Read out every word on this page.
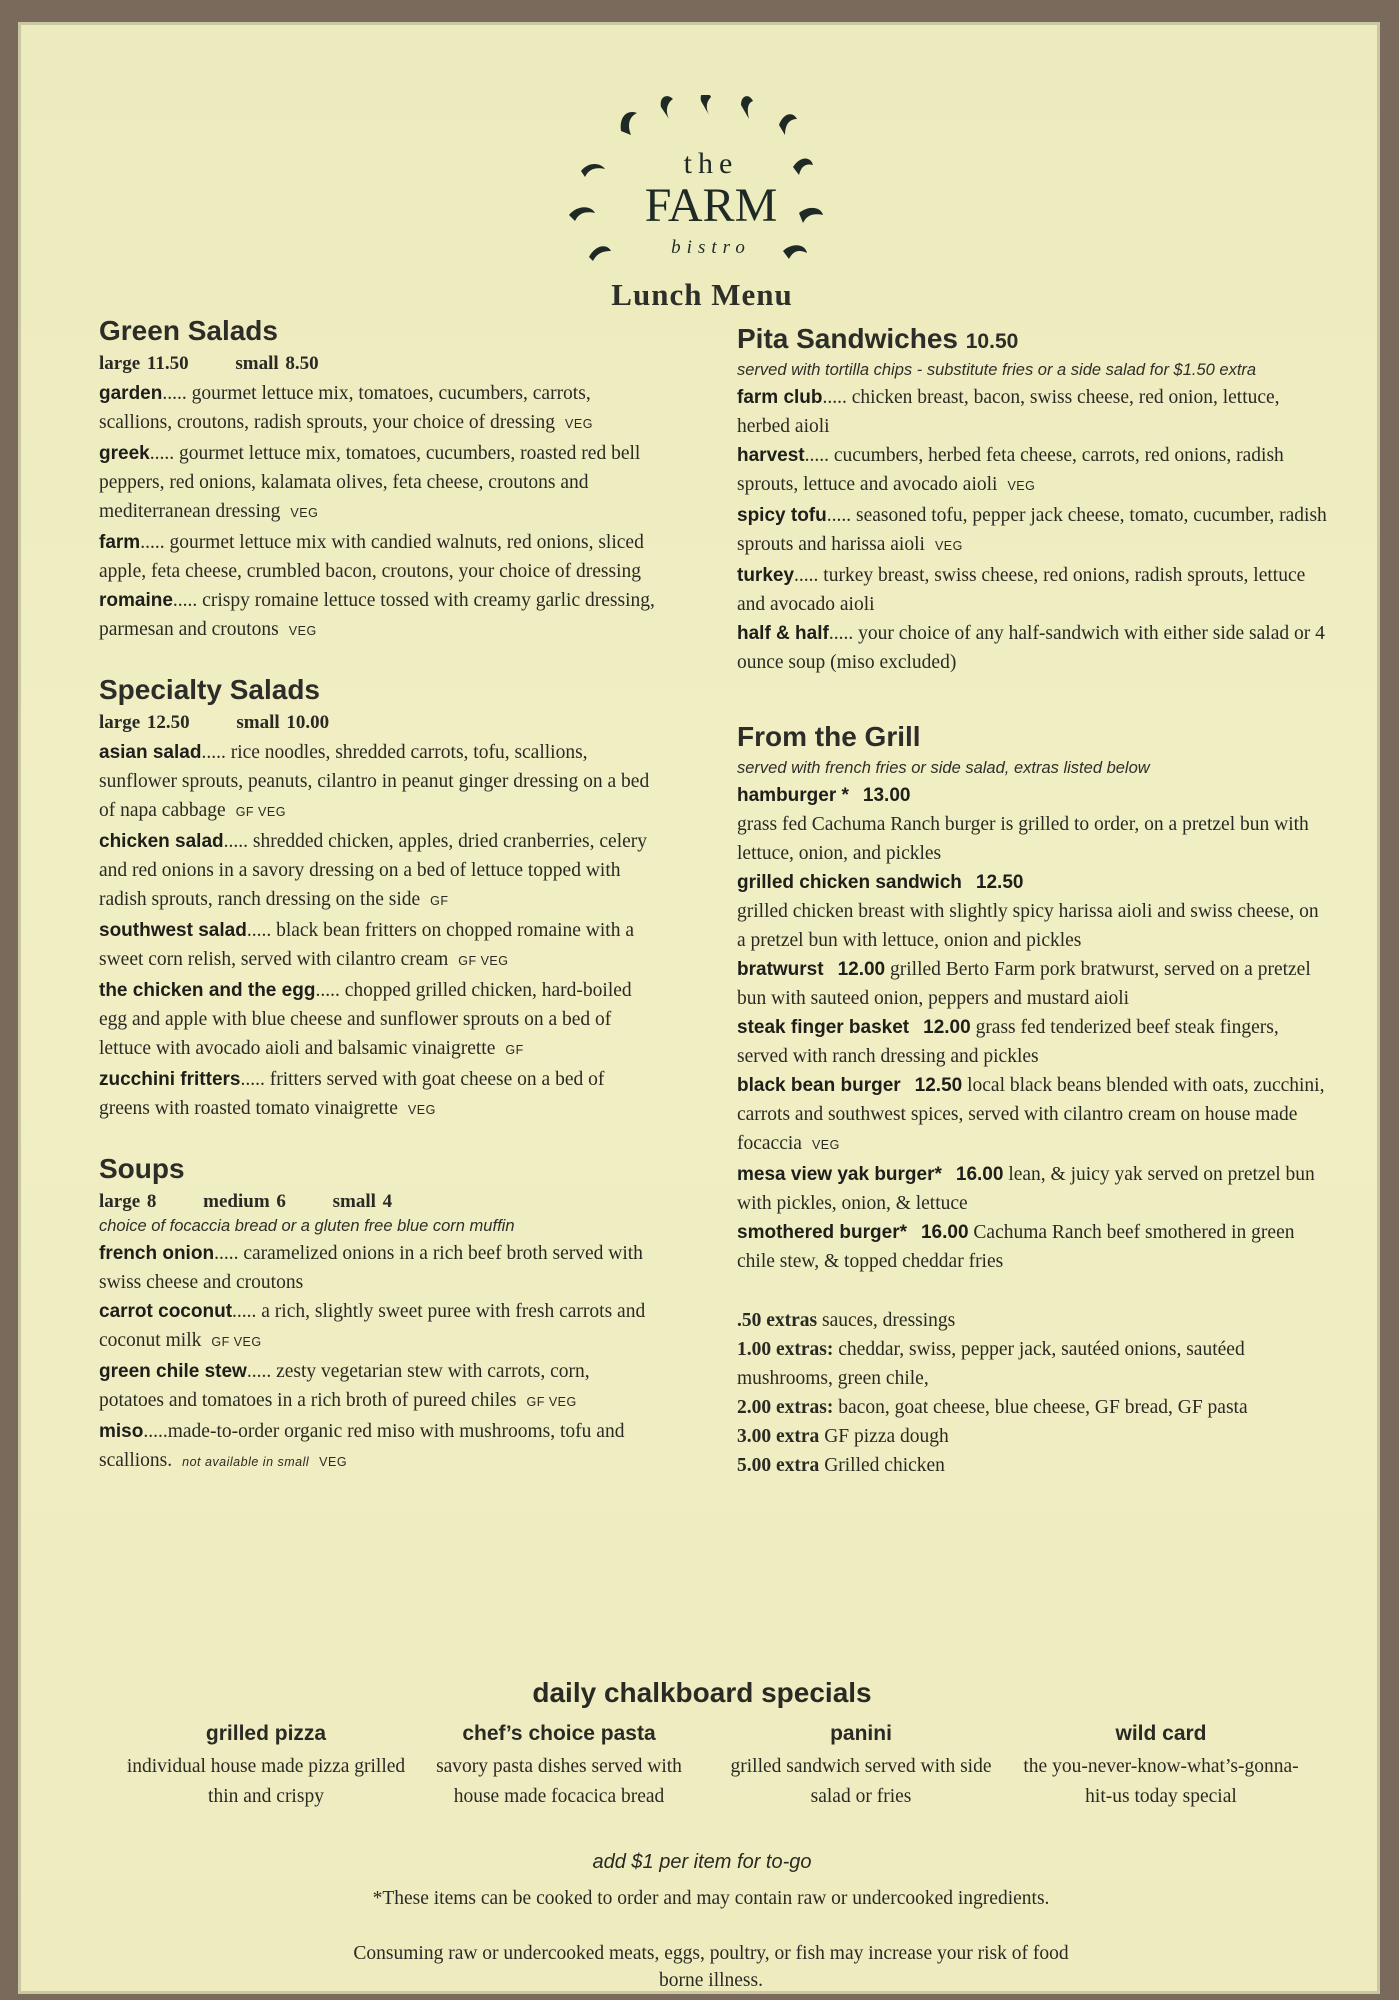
the
FARM
bistro
Lunch Menu
Green Salads
large 11.50 small 8.50

garden..... gourmet lettuce mix, tomatoes, cucumbers, carrots, scallions, croutons, radish sprouts, your choice of dressing VEG

greek..... gourmet lettuce mix, tomatoes, cucumbers, roasted red bell peppers, red onions, kalamata olives, feta cheese, croutons and mediterranean dressing VEG

farm..... gourmet lettuce mix with candied walnuts, red onions, sliced apple, feta cheese, crumbled bacon, croutons, your choice of dressing

romaine..... crispy romaine lettuce tossed with creamy garlic dressing, parmesan and croutons VEG

Specialty Salads
large 12.50 small 10.00

asian salad..... rice noodles, shredded carrots, tofu, scallions, sunflower sprouts, peanuts, cilantro in peanut ginger dressing on a bed of napa cabbage GF VEG

chicken salad..... shredded chicken, apples, dried cranberries, celery and red onions in a savory dressing on a bed of lettuce topped with radish sprouts, ranch dressing on the side GF

southwest salad..... black bean fritters on chopped romaine with a sweet corn relish, served with cilantro cream GF VEG

the chicken and the egg..... chopped grilled chicken, hard-boiled egg and apple with blue cheese and sunflower sprouts on a bed of lettuce with avocado aioli and balsamic vinaigrette GF

zucchini fritters..... fritters served with goat cheese on a bed of greens with roasted tomato vinaigrette VEG

Soups
large 8 medium 6 small 4
choice of focaccia bread or a gluten free blue corn muffin

french onion..... caramelized onions in a rich beef broth served with swiss cheese and croutons

carrot coconut..... a rich, slightly sweet puree with fresh carrots and coconut milk GF VEG

green chile stew..... zesty vegetarian stew with carrots, corn, potatoes and tomatoes in a rich broth of pureed chiles GF VEG

miso.....made-to-order organic red miso with mushrooms, tofu and scallions. not available in small VEG

Pita Sandwiches 10.50
served with tortilla chips - substitute fries or a side salad for $1.50 extra

farm club..... chicken breast, bacon, swiss cheese, red onion, lettuce, herbed aioli

harvest..... cucumbers, herbed feta cheese, carrots, red onions, radish sprouts, lettuce and avocado aioli VEG

spicy tofu..... seasoned tofu, pepper jack cheese, tomato, cucumber, radish sprouts and harissa aioli VEG

turkey..... turkey breast, swiss cheese, red onions, radish sprouts, lettuce and avocado aioli

half & half..... your choice of any half-sandwich with either side salad or 4 ounce soup (miso excluded)

From the Grill
served with french fries or side salad, extras listed below

hamburger * 13.00
grass fed Cachuma Ranch burger is grilled to order, on a pretzel bun with lettuce, onion, and pickles

grilled chicken sandwich 12.50
grilled chicken breast with slightly spicy harissa aioli and swiss cheese, on a pretzel bun with lettuce, onion and pickles

bratwurst 12.00 grilled Berto Farm pork bratwurst, served on a pretzel bun with sauteed onion, peppers and mustard aioli

steak finger basket 12.00 grass fed tenderized beef steak fingers, served with ranch dressing and pickles

black bean burger 12.50 local black beans blended with oats, zucchini, carrots and southwest spices, served with cilantro cream on house made focaccia VEG

mesa view yak burger* 16.00 lean, & juicy yak served on pretzel bun with pickles, onion, & lettuce

smothered burger* 16.00 Cachuma Ranch beef smothered in green chile stew, & topped cheddar fries

.50 extras sauces, dressings

1.00 extras: cheddar, swiss, pepper jack, sautéed onions, sautéed mushrooms, green chile,

2.00 extras: bacon, goat cheese, blue cheese, GF bread, GF pasta

3.00 extra GF pizza dough

5.00 extra Grilled chicken

daily chalkboard specials
grilled pizza
individual house made pizza grilled thin and crispy
chef’s choice pasta
savory pasta dishes served with house made focacica bread
panini
grilled sandwich served with side salad or fries
wild card
the you-never-know-what’s-gonna-hit-us today special
add $1 per item for to-go
*These items can be cooked to order and may contain raw or undercooked ingredients.
Consuming raw or undercooked meats, eggs, poultry, or fish may increase your risk of food borne illness.
